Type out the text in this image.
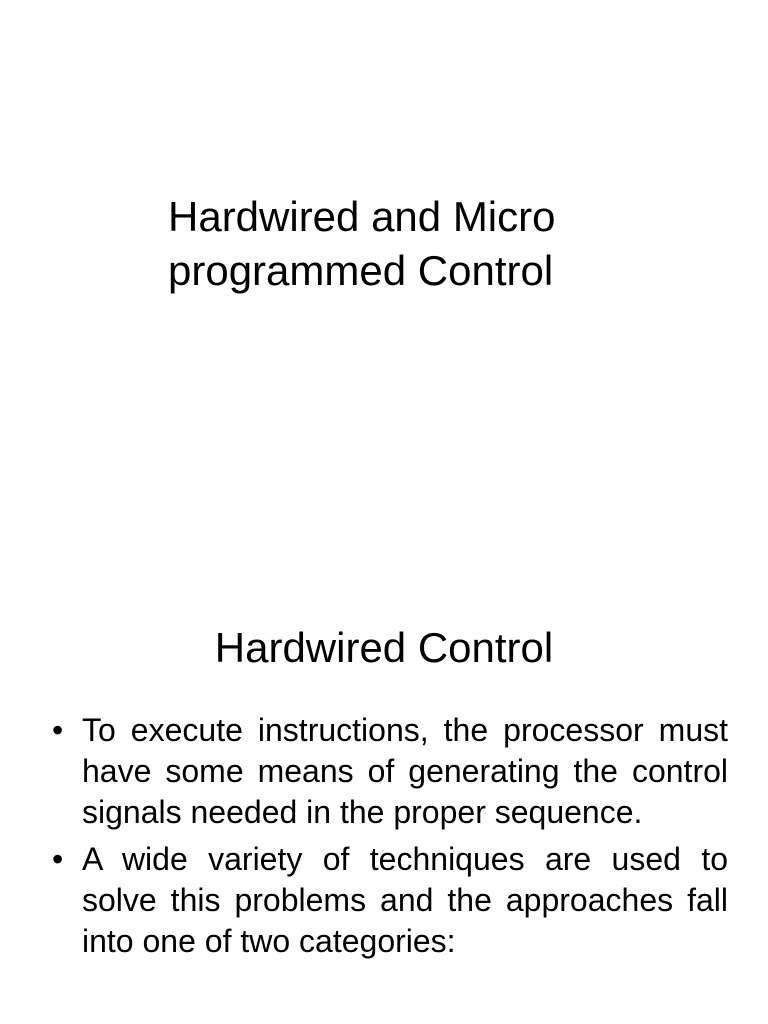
Hardwired and Micro
programmed Control
Hardwired Control
• To execute instructions, the processor must have some means of generating the control signals needed in the proper sequence.
• A wide variety of techniques are used to solve this problems and the approaches fall into one of two categories:
